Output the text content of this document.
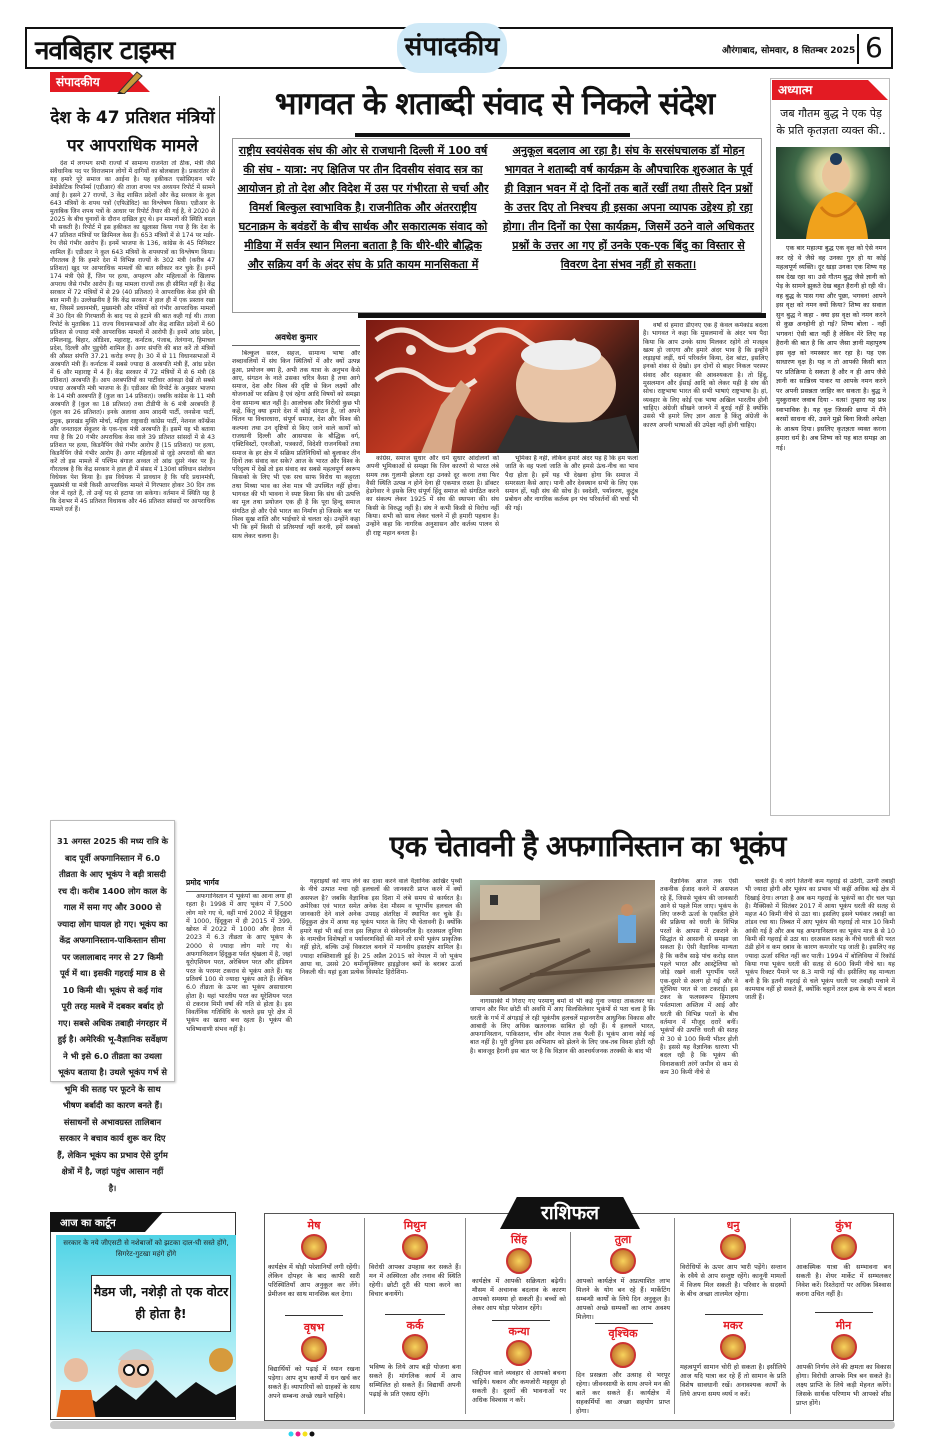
नवबिहार टाइम्स	संपादकीय	औरंगाबाद, सोमवार, 8 सितम्बर 2025 6
संपादकीय
देश के 47 प्रतिशत मंत्रियों पर आपराधिक मामले

देश में लगभग सभी राज्यों में सामान्य राजनेता तो ठीक, मंत्री जैसे संवैधानिक पद पर विराजमान लोगों में दागियों का बोलबाला है। प्रकारांतर से यह हमारे पूरे समाज का आईना है। यह हकीकत एसोसिएशन फॉर डेमोक्रेटिक रिफॉर्म्स (एडीआर) की ताजा शपथ पत्र अध्ययन रिपोर्ट में सामने आई है। इसने 27 राज्यों, 3 केंद्र शासित प्रदेशों और केंद्र सरकार के कुल 643 मंत्रियों के शपथ पत्रों (एफिडेविट) का विश्लेषण किया। एडीआर के मुताबिक जिन शपथ पत्रों के आधार पर रिपोर्ट तैयार की गई है, वे 2020 से 2025 के बीच चुनावों के दौरान दाखिल हुए थे। इन मामलों की स्थिति बदल भी सकती है। रिपोर्ट में इस हकीकत का खुलासा किया गया है कि देश के 47 प्रतिशत मंत्रियों पर क्रिमिनल केस हैं। 653 मंत्रियों में से 174 पर मर्डर-रेप जैसे गंभीर आरोप हैं। इनमें भाजपा के 136, कांग्रेस के 45 मिनिस्टर शामिल हैं। एडीआर ने कुल 643 मंत्रियों के शपथपत्रों का विश्लेषण किया। गौरतलब है कि हमारे देश में विभिन्न राज्यों के 302 मंत्री (करीब 47 प्रतिशत) खुद पर आपराधिक मामलों की बात स्वीकार कर चुके हैं। इनमें 174 मंत्री ऐसे हैं, जिन पर हत्या, अपहरण और महिलाओं के खिलाफ अपराध जैसे गंभीर आरोप हैं। यह मामला राज्यों तक ही सीमित नहीं है। केंद्र सरकार में 72 मंत्रियों में से 29 (40 प्रतिशत) ने आपराधिक केस होने की बात मानी है। उल्लेखनीय है कि केंद्र सरकार ने हाल ही में एक प्रस्ताव रखा था, जिसमें प्रधानमंत्री, मुख्यमंत्री और मंत्रियों को गंभीर आपराधिक मामलों में 30 दिन की गिरफ्तारी के बाद पद से हटाने की बात कही गई थी। ताजा रिपोर्ट के मुताबिक 11 राज्य विधानसभाओं और केंद्र शासित प्रदेशों में 60 प्रतिशत से ज्यादा मंत्री आपराधिक मामलों में आरोपी हैं। इनमें आंध्र प्रदेश, तमिलनाडु, बिहार, ओडिशा, महाराष्ट्र, कर्नाटक, पंजाब, तेलंगाना, हिमाचल प्रदेश, दिल्ली और पुडुचेरी शामिल हैं। अगर संपत्ति की बात करें तो मंत्रियों की औसत संपत्ति 37.21 करोड़ रुपए है। 30 में से 11 विधानसभाओं में अरबपति मंत्री हैं। कर्नाटक में सबसे ज्यादा 8 अरबपति मंत्री हैं, आंध्र प्रदेश में 6 और महाराष्ट्र में 4 हैं। केंद्र सरकार में 72 मंत्रियों में से 6 मंत्री (8 प्रतिशत) अरबपति हैं। आप अरबपतियों का पार्टीवार आंकड़ा देखें तो सबसे ज्यादा अरबपति मंत्री भाजपा के हैं। एडीआर की रिपोर्ट के अनुसार भाजपा के 14 मंत्री अरबपति हैं (कुल का 14 प्रतिशत)। जबकि कांग्रेस के 11 मंत्री अरबपति हैं (कुल का 18 प्रतिशत) तथा टीडीपी के 6 मंत्री अरबपति हैं (कुल का 26 प्रतिशत)। इनके अलावा आम आदमी पार्टी, जनसेना पार्टी, द्रमुक, झारखंड मुक्ति मोर्चा, महिला राष्ट्रवादी कांग्रेस पार्टी, नेशनल कॉन्फ्रेंस और जनतादल सेकुलर के एक-एक मंत्री अरबपति हैं। इसमें यह भी बताया गया है कि 20 गंभीर अपराधिक केस वाले 39 प्रतिशत सांसदों में से 43 प्रतिशत पर हत्या, किडनैपिंग जैसे गंभीर आरोप हैं (15 प्रतिशत) पर हत्या, किडनैपिंग जैसे गंभीर आरोप हैं। अगर महिलाओं से जुड़े अपराधों की बात करें तो इस मामले में पश्चिम बंगाल अव्वल तो आंध्र दूसरे नंबर पर है। गौरतलब है कि केंद्र सरकार ने हाल ही में संसद में 130वां संविधान संशोधन विधेयक पेश किया है। इस विधेयक में प्रावधान है कि यदि प्रधानमंत्री, मुख्यमंत्री या मंत्री किसी आपराधिक मामले में गिरफ्तार होकर 30 दिन तक जेल में रहते हैं, तो उन्हें पद से हटाया जा सकेगा। वर्तमान में स्थिति यह है कि देशभर में 45 प्रतिशत विधायक और 46 प्रतिशत सांसदों पर आपराधिक मामले दर्ज हैं।

भागवत के शताब्दी संवाद से निकले संदेश
राष्ट्रीय स्वयंसेवक संघ की ओर से राजधानी दिल्ली में 100 वर्ष की संघ - यात्रा: नए क्षितिज पर तीन दिवसीय संवाद सत्र का आयोजन हो तो देश और विदेश में उस पर गंभीरता से चर्चा और विमर्श बिल्कुल स्वाभाविक है। राजनीतिक और अंतरराष्ट्रीय घटनाक्रम के बवंडरों के बीच सार्थक और सकारात्मक संवाद को मीडिया में सर्वत्र स्थान मिलना बताता है कि धीरे-धीरे बौद्धिक और सक्रिय वर्ग के अंदर संघ के प्रति कायम मानसिकता में
अनुकूल बदलाव आ रहा है। संघ के सरसंघचालक डॉ मोहन भागवत ने शताब्दी वर्ष कार्यक्रम के औपचारिक शुरुआत के पूर्व ही विज्ञान भवन में दो दिनों तक बातें रखीं तथा तीसरे दिन प्रश्नों के उत्तर दिए तो निश्चय ही इसका अपना व्यापक उद्देश्य हो रहा होगा। तीन दिनों का ऐसा कार्यक्रम, जिसमें उठने वाले अधिकतर प्रश्नों के उत्तर आ गए हों उनके एक-एक बिंदु का विस्तार से विवरण देना संभव नहीं हो सकता।
अवधेश कुमार

बिल्कुल सरल, सहज, सामान्य भाषा और शब्दावलियों में संघ किन स्थितियों में और क्यों उत्पन्न हुआ, प्रयोजन क्या है, अभी तक यात्रा के अनुभव कैसे आए, संगठन के नाते उसका चरित्र कैसा है तथा आगे समाज, देश और विश्व की दृष्टि से किन लक्ष्यों और योजनाओं पर सक्रिय है एवं रहेगा आदि विषयों को समझा देना सामान्य बात नहीं है। आलोचक और विरोधी कुछ भी कहें, किंतु क्या हमारे देश में कोई संगठन है, जो अपने चिंतन या विचारधारा, संपूर्ण समाज, देश और विश्व की कल्पना तथा उन दृष्टियों से किए जाने वाले कार्यों को राजधानी दिल्ली और आसपास के बौद्धिक वर्ग, एक्टिविस्टों, एनजीओ, पत्रकारों, विदेशी राजनयिकों तथा समाज के हर क्षेत्र में सक्रिय प्रतिनिधियों को बुलाकर तीन दिनों तक संवाद कर सके? आज के भारत और विश्व के परिदृश्य में देखें तो इस संवाद का सबसे महत्वपूर्ण स्वरूप किसको के लिए भी एक सच साफ विरोध या कट्टरता तथा मिथ्या भाव का लेश मात्र भी उपस्थित नहीं होना। भागवत की भी भावना ने स्पष्ट किया कि संघ की उत्पत्ति का मूल तथा प्रयोजन एक ही है कि पूरा हिन्दू समाज संगठित हो और ऐसे भारत का निर्माण हो जिसके बल पर विश्व सुख शांति और भाईचारे से चलता रहे। उन्होंने कहा भी कि हमें किसी से प्रतिस्पर्धा नहीं करनी, हमें सबको साथ लेकर चलना है।

कांग्रेस, समाज सुधार और धर्म सुधार आंदोलनों को अपनी भूमिकाओं से समझा कि जिन कारणों से भारत लंबे समय तक गुलामी झेलता रहा उनको दूर करना तथा फिर वैसी स्थिति उत्पन्न न होने देना ही एकमात्र रास्ता है। डॉक्टर हेडगेवार ने इसके लिए संपूर्ण हिंदू समाज को संगठित करने का संकल्प लेकर 1925 में संघ की स्थापना की। संघ किसी के विरुद्ध नहीं है। संघ ने कभी किसी से विरोध नहीं किया। सभी को साथ लेकर चलने में ही हमारी पहचान है। उन्होंने कहा कि नागरिक अनुशासन और कर्तव्य पालन से ही राष्ट्र महान बनता है।

भूमिका है नहीं, लेकिन हमारे अंदर यह है कि हम फलां जाति के वह फलां जाति के और हमसे ऊंच-नीच का भाव पैदा होता है। हमें यह भी देखना होगा कि समाज में समरसता कैसे आए। पानी और देवस्थान सभी के लिए एक समान हों, यही संघ की सोच है। स्वदेशी, पर्यावरण, कुटुंब प्रबोधन और नागरिक कर्तव्य इन पंच परिवर्तनों की चर्चा भी की गई।

वर्षों से हमारा डीएनए एक है केवल कर्मकांड बदला है। भागवत ने कहा कि मुसलमानों के अंदर भय पैदा किया कि आप उनके साथ मिलकर रहोगे तो मजहब खत्म हो जाएगा और हमारे अंदर भाव है कि इन्होंने लड़ाइयां लड़ीं, धर्म परिवर्तन किया, देश बांटा, इसलिए इनको शंका से देखो। इन दोनों से बाहर निकल परस्पर संवाद और सहकार की आवश्यकता है। तो हिंदू, मुसलमान और ईसाई आदि को लेकर यही है संघ की सोच। राष्ट्रभाषा भारत की सभी भाषाएं राष्ट्रभाषा है। हां, व्यवहार के लिए कोई एक भाषा अखिल भारतीय होनी चाहिए। अंग्रेजी सीखने जानने में बुराई नहीं है क्योंकि उससे भी हमारे लिए ज्ञान आता है किंतु अंग्रेजी के कारण अपनी भाषाओं की उपेक्षा नहीं होनी चाहिए।

अध्यात्म
जब गौतम बुद्ध ने एक पेड़ के प्रति कृतज्ञता व्यक्त की..

एक बार महात्मा बुद्ध एक वृक्ष को ऐसे नमन कर रहे थे जैसे वह उनका गुरु हो या कोई महत्वपूर्ण व्यक्ति। दूर खड़ा उनका एक शिष्य यह सब देख रहा था। उसे गौतम बुद्ध जैसे ज्ञानी को पेड़ के सामने झुकते देख बहुत हैरानी हो रही थी। वह बुद्ध के पास गया और पूछा, भगवन! आपने इस वृक्ष को नमन क्यों किया? शिष्य का सवाल सुन बुद्ध ने कहा - क्या इस वृक्ष को नमन करने से कुछ अनहोनी हो गई? शिष्य बोला - नहीं भगवन! ऐसी बात नहीं है लेकिन मेरे लिए यह हैरानी की बात है कि आप जैसा ज्ञानी महापुरुष इस वृक्ष को नमस्कार कर रहा है। यह एक साधारण वृक्ष है। यह न तो आपकी किसी बात पर प्रतिक्रिया दे सकता है और न ही आप जैसे ज्ञानी का सान्निध्य पाकर या आपके नमन करने पर अपनी प्रसन्नता जाहिर कर सकता है। बुद्ध ने मुस्कुराकर जवाब दिया - वत्स! तुम्हारा यह प्रश्न स्वाभाविक है। यह वृक्ष जिसकी छाया में मैंने बरसों साधना की, उसने मुझे बिना किसी अपेक्षा के आश्रय दिया। इसलिए कृतज्ञता व्यक्त करना हमारा धर्म है। अब शिष्य को यह बात समझ आ गई।

31 अगस्त 2025 की मध्य रात्रि के बाद पूर्वी अफगानिस्तान में 6.0 तीव्रता के आए भूकंप ने बड़ी त्रासदी रच दी। करीब 1400 लोग काल के गाल में समा गए और 3000 से ज्यादा लोग घायल हो गए। भूकंप का केंद्र अफगानिस्तान-पाकिस्तान सीमा पर जलालाबाद नगर से 27 किमी पूर्व में था। इसकी गहराई मात्र 8 से 10 किमी थी। भूकंप से कई गांव पूरी तरह मलबे में दबकर बर्बाद हो गए। सबसे अधिक तबाही नंगरहार में हुई है। अमेरिकी भू-वैज्ञानिक सर्वेक्षण ने भी इसे 6.0 तीव्रता का उथला भूकंप बताया है। उथले भूकंप गर्भ से भूमि की सतह पर फूटने के साथ भीषण बर्बादी का कारण बनते हैं। संसाधनों से अभावग्रस्त तालिबान सरकार ने बचाव कार्य शुरू कर दिए हैं, लेकिन भूकंप का प्रभाव ऐसे दुर्गम क्षेत्रों में है, जहां पहुंच आसान नहीं है।
एक चेतावनी है अफगानिस्तान का भूकंप
प्रमोद भार्गव

अफगानिस्तान में भूकंपों का आना लगा ही रहता है। 1998 में आए भूकंप में 7,500 लोग मारे गए थे, वहीं मार्च 2002 में हिंदूकुश में 1000, हिंदूकुश में ही 2015 में 399, खोस्त में 2022 में 1000 और हैरात में 2023 में 6.3 तीव्रता के आए भूकंप के 2000 से ज्यादा लोग मारे गए थे। अफगानिस्तान हिंदूकुश पर्वत श्रृंखला में है, जहां यूरोएशियन परत, अरेबियन परत और इंडियन परत के परस्पर टकराव से भूकंप आते हैं। यह प्रतिवर्ष 100 से ज्यादा भूकंप आते हैं। लेकिन 6.0 तीव्रता के ऊपर का भूकंप असाधारण होता है। यहां भारतीय परत का यूरेशियन परत से टकराव मिमी वर्षा की गति से होता है। इस विवर्तनिक गतिविधि के चलते इस पूरे क्षेत्र में भूकंप का खतरा बना रहता है। भूकंप की भविष्यवाणी संभव नहीं है।

गहराइयों को नाप लेने का दावा करने वाले वैज्ञानिक आखिर पृथ्वी के नीचे उत्पात मचा रही हलचलों की जानकारी प्राप्त करने में क्यों असफल है? जबकि वैज्ञानिक इस दिशा में लंबे समय से कार्यरत है। अमेरिका एवं भारत समेत अनेक देश मौसम व भूगर्भीय हलचल की जानकारी देने वाले अनेक उपग्रह अंतरिक्ष में स्थापित कर चुके हैं। हिंदूकुश क्षेत्र में आया यह भूकंप भारत के लिए भी चेतावनी है। क्योंकि हमारे यहां भी कई राज इस लिहाज से संवेदनशील है। दरअसल दुनिया के नामचीन विशेषज्ञों व पर्यावरणविदों की मानें तो सभी भूकंप प्राकृतिक नहीं होते, बल्कि उन्हें विकराल बनाने में मानवीय हस्तक्षेप शामिल है। ज्यादा शक्तिशाली हुई है। 25 अप्रैल 2015 को नेपाल में जो भूकंप आया था, उससे 20 थर्मोन्यूक्लियर हाइड्रोजन बमों के बराबर ऊर्जा निकली थी। यहां हुआ प्रत्येक विस्फोट हिरोशिमा-

नागासाकी में गिराए गए परमाणु बमों से भी कई गुना ज्यादा ताकतवर था। जापान और फिर छोटी सी अवधि में आए सिलसिलेवार भूकंपों से पता चला है कि धरती के गर्भ में अंगड़ाई ले रही भूकंपीय हलचलें महानगरीय आधुनिक विकास और आबादी के लिए अधिक खतरनाक साबित हो रही हैं। ये हलचलें भारत, अफगानिस्तान, पाकिस्तान, चीन और नेपाल तक फैली हैं। भूकंप आना कोई नई बात नहीं है। पूरी दुनिया इस अभिशाप को झेलने के लिए जब-तब विवश होती रही है। बावजूद हैरानी इस बात पर है कि विज्ञान की आश्चर्यजनक तरक्की के बाद भी

वैज्ञानिक आज तक ऐसी तकनीक ईजाद करने में असफल रहे हैं, जिससे भूकंप की जानकारी आने से पहले मिल जाए। भूकंप के लिए जरूरी ऊर्जा के एकत्रित होने की प्रक्रिया को धरती के विभिन्न परतों के आपस में टकराने के सिद्धांत से आसानी से समझा जा सकता है। ऐसी वैज्ञानिक मान्यता है कि करीब साढ़े पांच करोड़ साल पहले भारत और आस्ट्रेलिया को जोड़े रखने वाली भूगर्भीय परतें एक-दूसरे से अलग हो गई और वे यूरेशिया परत से जा टकराई। इस टकर के फलस्वरूप हिमालय पर्वतमाला अस्तित्व में आई और धरती की विभिन्न परतों के बीच वर्तमान में मौजूद दरारें बनीं। भूकंपों की उत्पत्ति धरती की सतह से 30 से 100 किमी भीतर होती है। इससे यह वैज्ञानिक धारणा भी बदल रही है कि भूकंप की विनाशकारी तरंगें जमीन से कम से कम 30 किमी नीचे से

चलती हैं। ये तरंगें जितनी कम गहराई से उठेंगी, उतनी तबाही भी ज्यादा होगी और भूकंप का प्रभाव भी कहीं अधिक बड़े क्षेत्र में दिखाई देगा। लगता है अब कम गहराई के भूकंपों का दौर चल पड़ा है। मैक्सिको में सितंबर 2017 में आया भूकंप धरती की सतह से महज 40 किमी नीचे से उठा था। इसलिए इसने भयंकर तबाही का तांडव रचा था। तिब्बत में आए भूकंप की गहराई तो मात्र 10 किमी आंकी गई है और अब यह अफगानिस्तान का भूकंप मात्र 8 से 10 किमी की गहराई से उठा था। दरअसल सतह के नीचे धरती की परत ठंडी होने व कम दबाव के कारण कमजोर पड़ जाती है। इसलिए वह ज्यादा ऊर्जा संचित नहीं कर पाती। 1994 में बोलिविया में रिकॉर्ड किया गया भूकंप धरती की सतह से 600 किमी नीचे था। यह भूकंप रिक्टर पैमाने पर 8.3 मापी गई थी। इसीलिए यह मान्यता बनी है कि इतनी गहराई से चले भूकंप धरती पर तबाही मचाने में कामयाब नहीं हो सकते हैं, क्योंकि चट्टानें तरल द्रव्य के रूप में बदल जाती हैं।

आज का कार्टून
सरकार के नये जीएसटी से नशेबाजों को झटका दाल-घी सस्ते होंगे, सिगरेट-गुटखा महंगे होंगे
मैडम जी, नशेड़ी तो एक वोटर ही होता है!
राशिफल
मेष
कार्यक्षेत्र में थोड़ी परेशानियाँ लगी रहेंगी। लेकिन दोपहर के बाद काफी सारी परिस्थितियाँ आप अनुकूल कर लेंगे। प्रेमीजन का साथ मानसिक बल देगा।
वृषभ
विद्यार्थियों को पढ़ाई में ध्यान रखना पड़ेगा। आप शुभ कार्यों में धन खर्च कर सकते हैं। व्यापारियों को ग्राहकों के साथ अपने सम्बन्ध अच्छे रखने चाहिये।
मिथुन
विरोधी आपका उपहास कर सकते हैं। मन में अस्थिरता और तनाव की स्थिति रहेगी। छोटी दूरी की यात्रा करने का विचार बनायेंगे।
कर्क
भविष्य के लिये आप बड़ी योजना बना सकते हैं। मांगलिक कार्य में आप सम्मिलित हो सकते हैं। विद्यार्थी अपनी पढ़ाई के प्रति एकाग्र रहेंगे।
सिंह
कार्यक्षेत्र में आपकी सक्रियता बढ़ेगी। मौसम में अचानक बदलाव के कारण आपको समस्या हो सकती है। बच्चों को लेकर आप थोड़ा परेशान रहेंगे।
कन्या
जिद्दीपन वाले व्यवहार से आपको बचना चाहिये। थकान और कमजोरी महसूस हो सकती है। दूसरों की भावनाओं पर अधिक विश्वास न करें।
तुला
आपको कार्यक्षेत्र में अप्रत्याशित लाभ मिलने के योग बन रहे हैं। मार्केटिंग सम्बन्धी कार्यों के लिये दिन अनुकूल है। आपको अच्छे सम्पर्कों का लाभ अवश्य मिलेगा।
वृश्चिक
दिन प्रसन्नता और उत्साह से भरपूर रहेगा। जीवनसाथी के साथ अपने मन की बातें कर सकते हैं। कार्यक्षेत्र में सहकर्मियों का अच्छा सहयोग प्राप्त होगा।
धनु
विरोधियों के ऊपर आप भारी पड़ेंगे। सन्तान के रवैये से आप सन्तुष्ट रहेंगे। कानूनी मामलों में विजय मिल सकती है। परिवार के सदस्यों के बीच अच्छा तालमेल रहेगा।
मकर
महत्वपूर्ण सामान चोरी हो सकता है। इसीलिये आज यदि यात्रा कर रहे हैं तो सामान के प्रति विशेष सावधानी रखें। अनावश्यक कार्यों के लिये अपना समय व्यर्थ न करें।
कुंभ
आकस्मिक यात्रा की सम्भावना बन सकती है। शेयर मार्केट में सम्भलकर निवेश करें। रिश्तेदारों पर अधिक विश्वास करना उचित नहीं है।
मीन
आपकी निर्णय लेने की क्षमता का विकास होगा। विरोधी आपके मित्र बन सकते है। लक्ष्य प्राप्ति के लिये कड़ी मेहनत करेंगे। जिसके सार्थक परिणाम भी आपको शीघ्र प्राप्त होंगे।
